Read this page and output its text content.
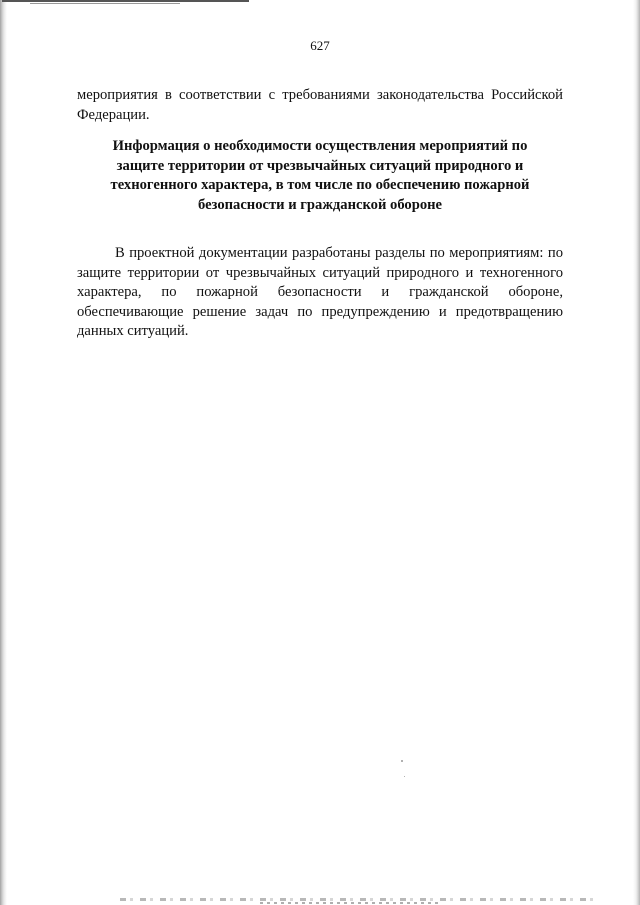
627

мероприятия в соответствии с требованиями законодательства Российской Федерации.

Информация о необходимости осуществления мероприятий по
защите территории от чрезвычайных ситуаций природного и
техногенного характера, в том числе по обеспечению пожарной
безопасности и гражданской обороне

В проектной документации разработаны разделы по мероприятиям: по защите территории от чрезвычайных ситуаций природного и техногенного характера, по пожарной безопасности и гражданской обороне, обеспечивающие решение задач по предупреждению и предотвращению данных ситуаций.
